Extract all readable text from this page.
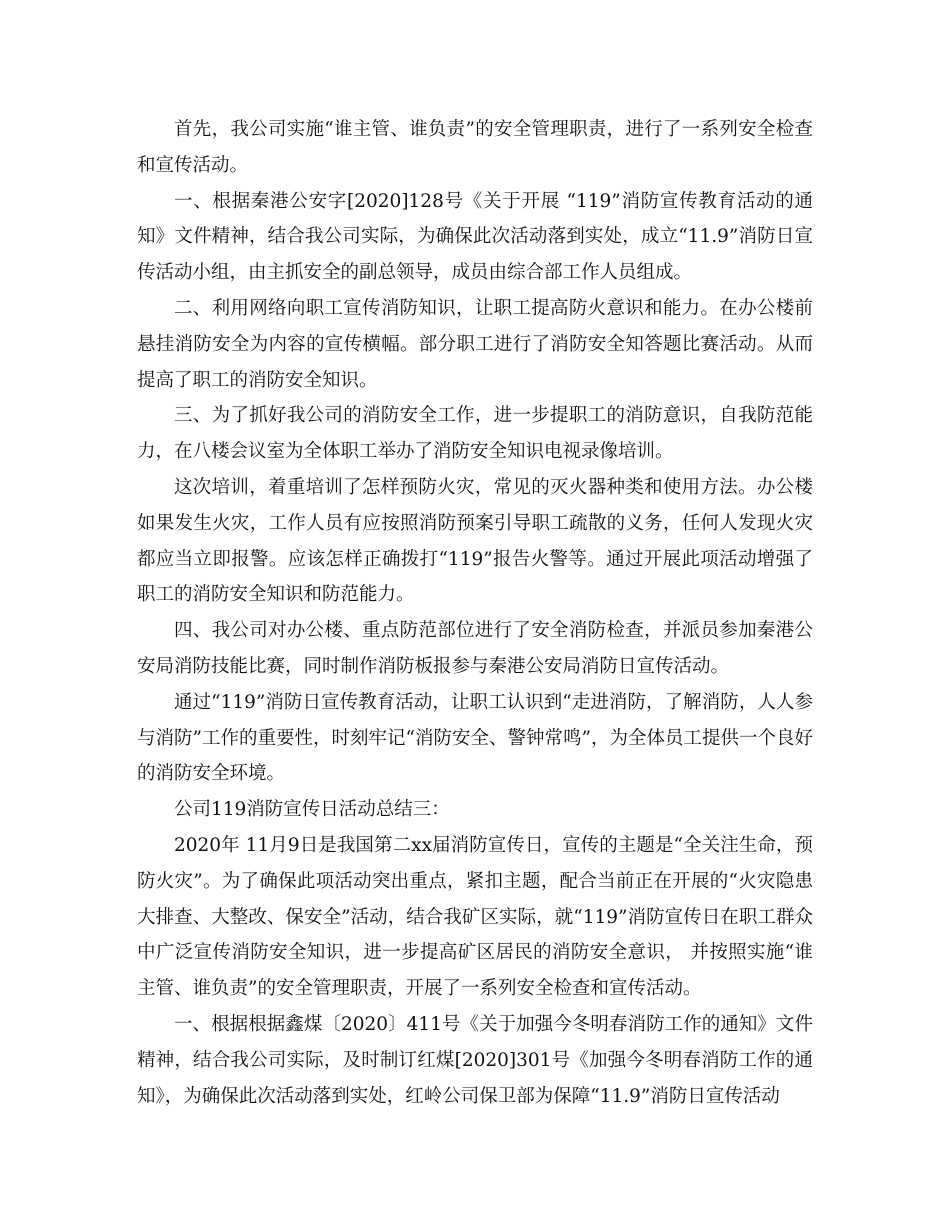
首先，我公司实施“谁主管、谁负责”的安全管理职责，进行了一系列安全检查和宣传活动。

一、根据秦港公安字[2020]128号《关于开展 “119”消防宣传教育活动的通知》文件精神，结合我公司实际，为确保此次活动落到实处，成立“11.9”消防日宣传活动小组，由主抓安全的副总领导，成员由综合部工作人员组成。

二、利用网络向职工宣传消防知识，让职工提高防火意识和能力。在办公楼前悬挂消防安全为内容的宣传横幅。部分职工进行了消防安全知答题比赛活动。从而提高了职工的消防安全知识。

三、为了抓好我公司的消防安全工作，进一步提职工的消防意识，自我防范能力，在八楼会议室为全体职工举办了消防安全知识电视录像培训。

这次培训，着重培训了怎样预防火灾，常见的灭火器种类和使用方法。办公楼如果发生火灾，工作人员有应按照消防预案引导职工疏散的义务，任何人发现火灾都应当立即报警。应该怎样正确拨打“119”报告火警等。通过开展此项活动增强了职工的消防安全知识和防范能力。

四、我公司对办公楼、重点防范部位进行了安全消防检查，并派员参加秦港公安局消防技能比赛，同时制作消防板报参与秦港公安局消防日宣传活动。

通过“119”消防日宣传教育活动，让职工认识到“走进消防，了解消防，人人参与消防”工作的重要性，时刻牢记“消防安全、警钟常鸣”，为全体员工提供一个良好的消防安全环境。

公司119消防宣传日活动总结三：

2020年 11月9日是我国第二xx届消防宣传日，宣传的主题是“全关注生命，预防火灾”。为了确保此项活动突出重点，紧扣主题，配合当前正在开展的“火灾隐患大排查、大整改、保安全”活动，结合我矿区实际，就“119”消防宣传日在职工群众中广泛宣传消防安全知识，进一步提高矿区居民的消防安全意识， 并按照实施“谁主管、谁负责”的安全管理职责，开展了一系列安全检查和宣传活动。

一、根据根据鑫煤〔2020〕411号《关于加强今冬明春消防工作的通知》文件精神，结合我公司实际，及时制订红煤[2020]301号《加强今冬明春消防工作的通知》，为确保此次活动落到实处，红岭公司保卫部为保障“11.9”消防日宣传活动
